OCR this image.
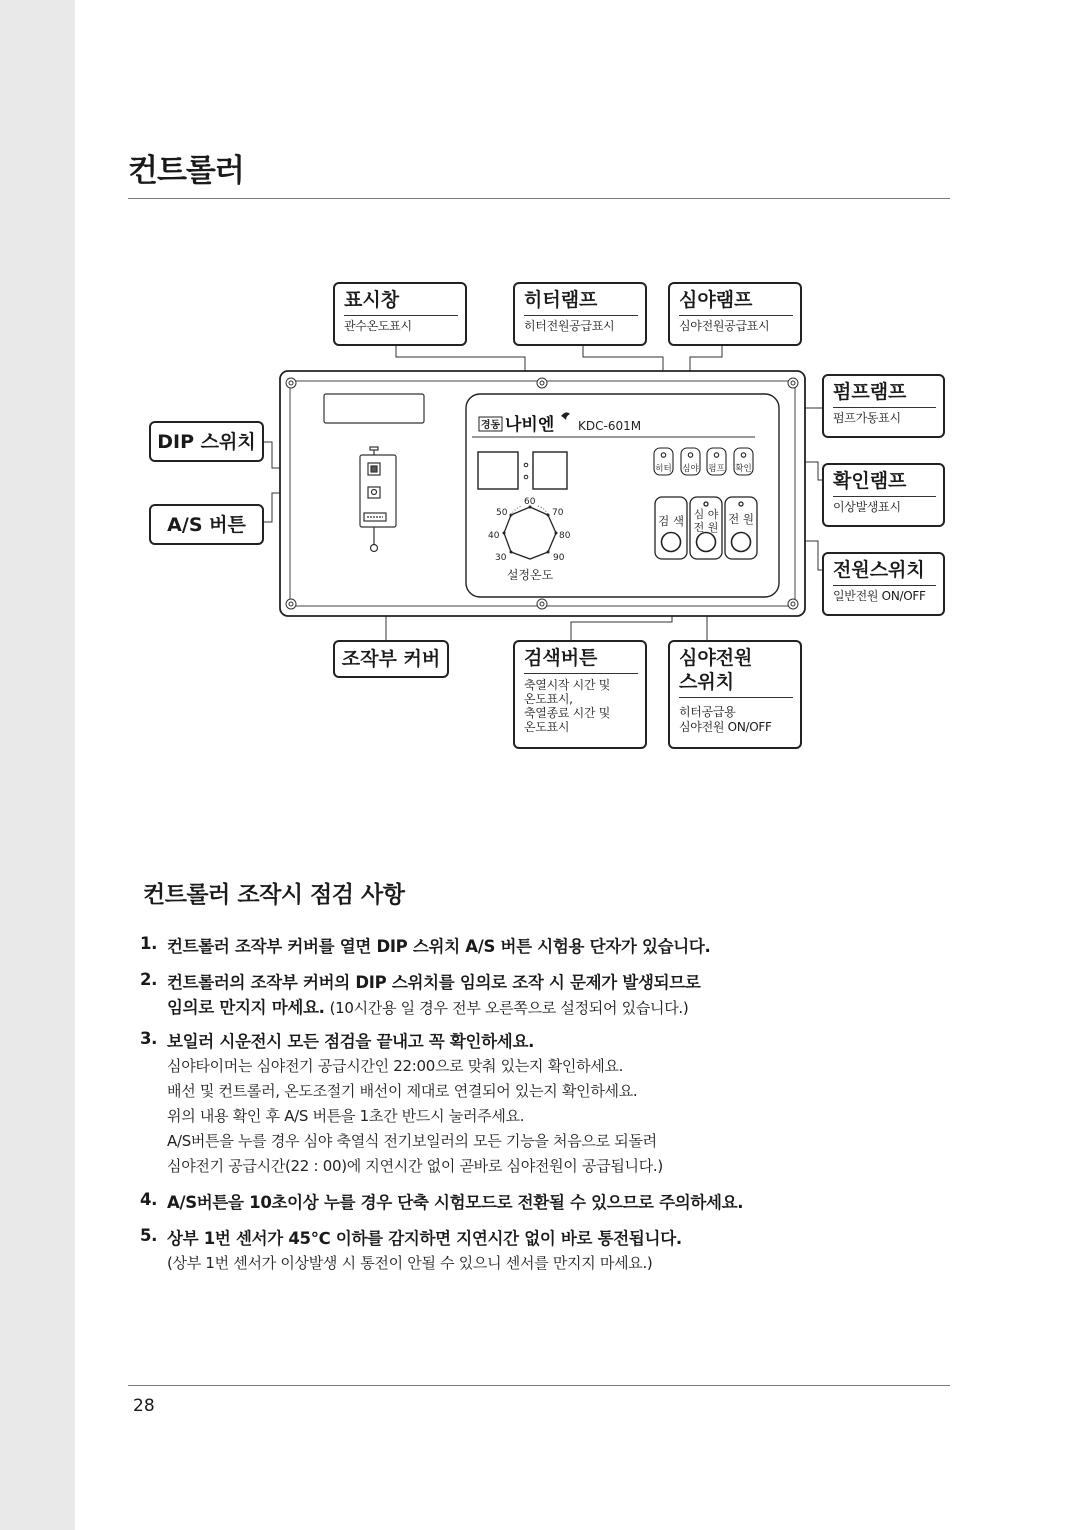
컨트롤러
경동 나비엔 KDC-601M
30
40
50
60
70
80
90
설정온도
히터 심야 펌프 확인
검 색 심 야
전 원
전 원
표시창
관수온도표시
히터램프
히터전원공급표시
심야램프
심야전원공급표시
펌프램프
펌프가동표시
확인램프
이상발생표시
전원스위치
일반전원 ON/OFF
DIP 스위치
A/S 버튼
조작부 커버	검색버튼
축열시작 시간 및
온도표시,
축열종료 시간 및
온도표시
심야전원
스위치
히터공급용
심야전원 ON/OFF
컨트롤러 조작시 점검 사항
1. 컨트롤러 조작부 커버를 열면 DIP 스위치 A/S 버튼 시험용 단자가 있습니다.
2. 컨트롤러의 조작부 커버의 DIP 스위치를 임의로 조작 시 문제가 발생되므로
임의로 만지지 마세요. (10시간용 일 경우 전부 오른쪽으로 설정되어 있습니다.)
3. 보일러 시운전시 모든 점검을 끝내고 꼭 확인하세요.
심야타이머는 심야전기 공급시간인 22:00으로 맞춰 있는지 확인하세요.
배선 및 컨트롤러, 온도조절기 배선이 제대로 연결되어 있는지 확인하세요.
위의 내용 확인 후 A/S 버튼을 1초간 반드시 눌러주세요.
A/S버튼을 누를 경우 심야 축열식 전기보일러의 모든 기능을 처음으로 되돌려
심야전기 공급시간(22 : 00)에 지연시간 없이 곧바로 심야전원이 공급됩니다.)
4. A/S버튼을 10초이상 누를 경우 단축 시험모드로 전환될 수 있으므로 주의하세요.
5. 상부 1번 센서가 45℃ 이하를 감지하면 지연시간 없이 바로 통전됩니다.
(상부 1번 센서가 이상발생 시 통전이 안될 수 있으니 센서를 만지지 마세요.)
28
